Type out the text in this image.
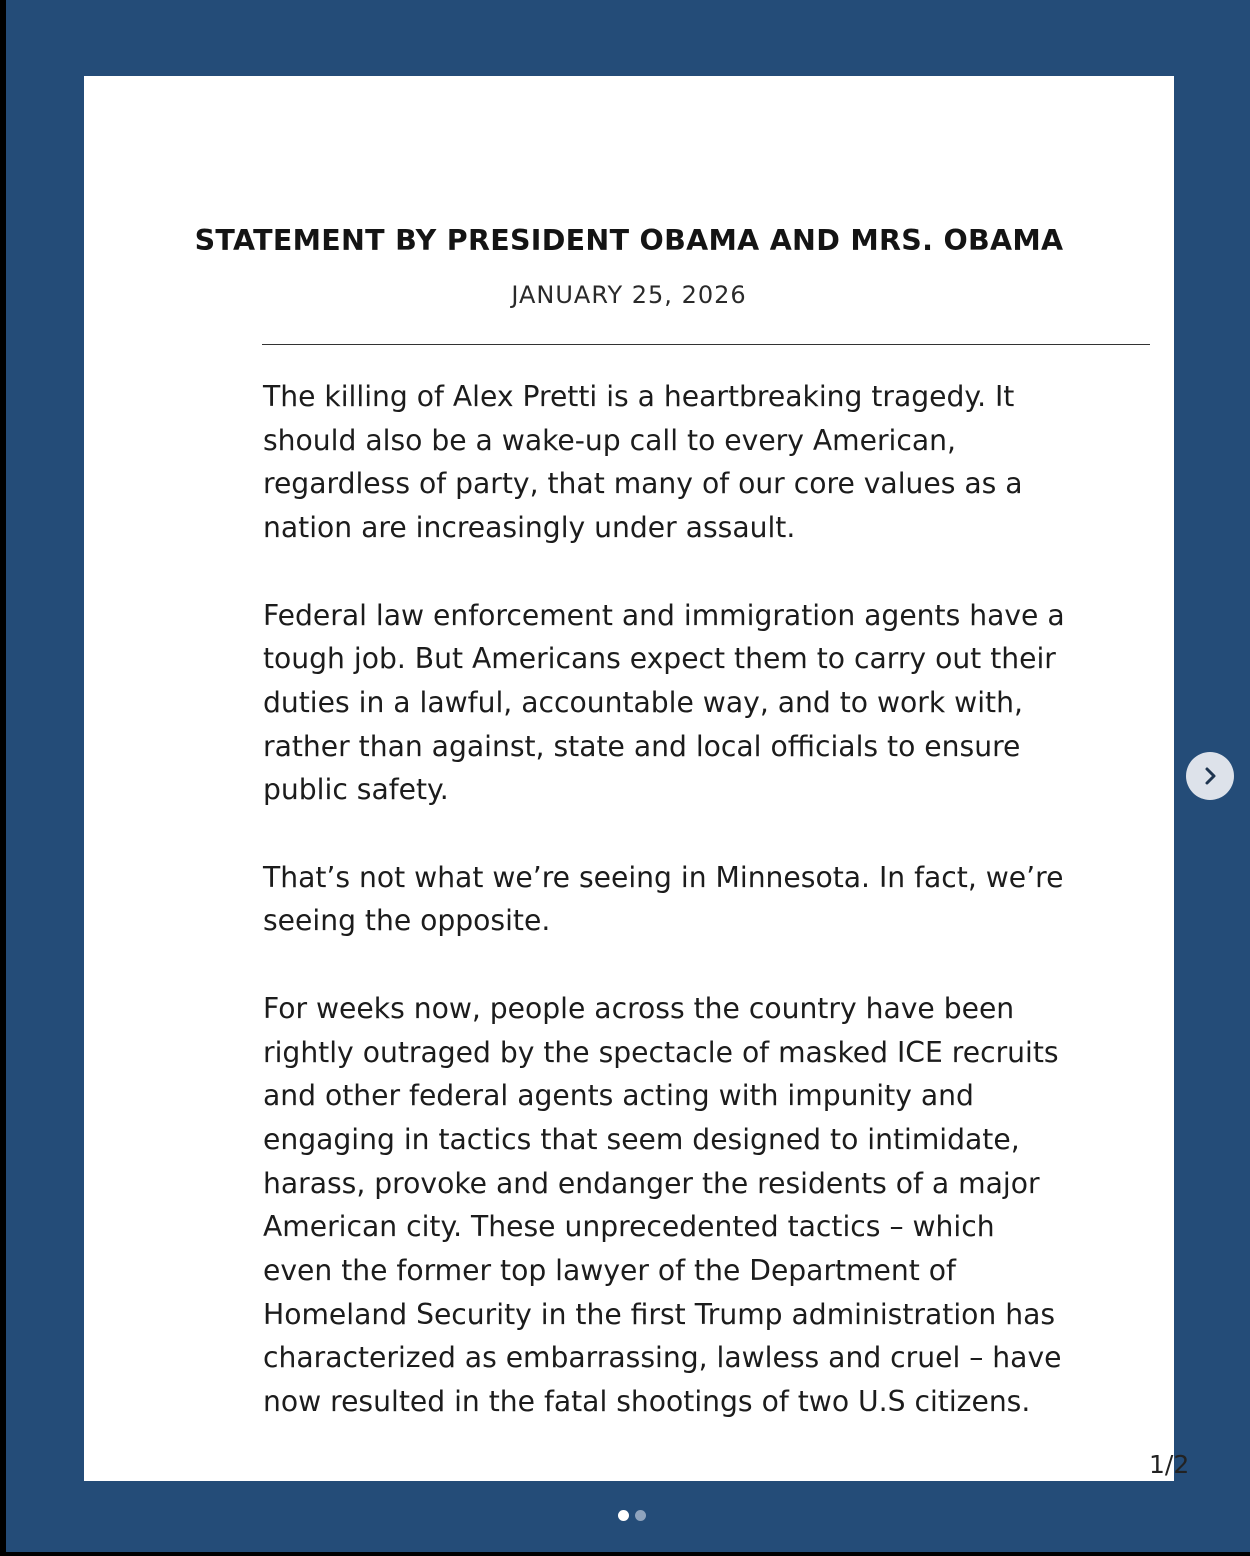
STATEMENT BY PRESIDENT OBAMA AND MRS. OBAMA
JANUARY 25, 2026

The killing of Alex Pretti is a heartbreaking tragedy. It
should also be a wake-up call to every American,
regardless of party, that many of our core values as a
nation are increasingly under assault.

Federal law enforcement and immigration agents have a
tough job. But Americans expect them to carry out their
duties in a lawful, accountable way, and to work with,
rather than against, state and local officials to ensure
public safety.

That’s not what we’re seeing in Minnesota. In fact, we’re
seeing the opposite.

For weeks now, people across the country have been
rightly outraged by the spectacle of masked ICE recruits
and other federal agents acting with impunity and
engaging in tactics that seem designed to intimidate,
harass, provoke and endanger the residents of a major
American city. These unprecedented tactics – which
even the former top lawyer of the Department of
Homeland Security in the first Trump administration has
characterized as embarrassing, lawless and cruel – have
now resulted in the fatal shootings of two U.S citizens.

1/2
